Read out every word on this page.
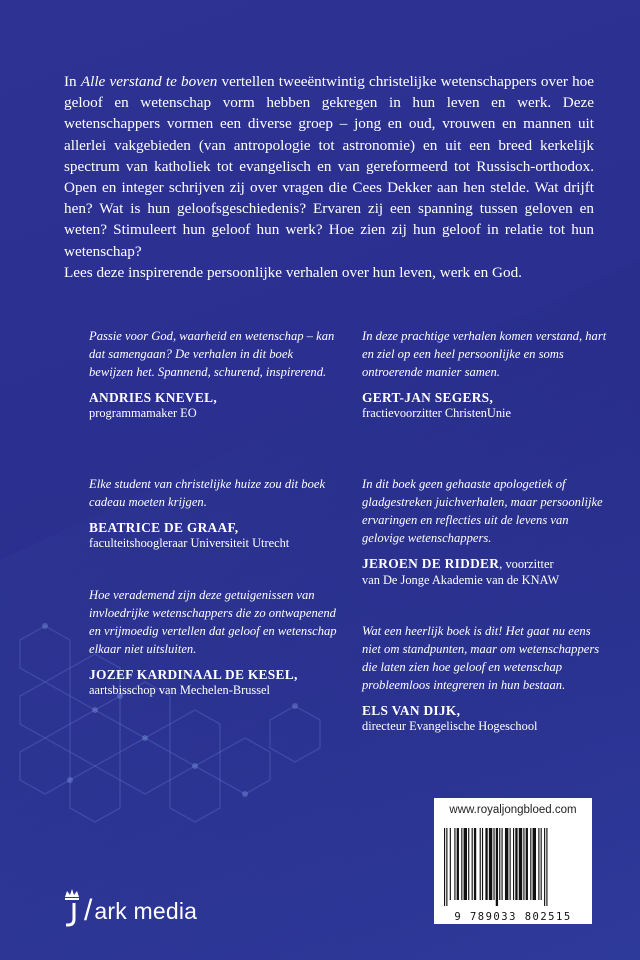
In Alle verstand te boven vertellen tweeëntwintig christelijke wetenschappers over hoe geloof en wetenschap vorm hebben gekregen in hun leven en werk. Deze wetenschappers vormen een diverse groep – jong en oud, vrouwen en mannen uit allerlei vakgebieden (van antropologie tot astronomie) en uit een breed kerkelijk spectrum van katholiek tot evangelisch en van gereformeerd tot Russisch-orthodox. Open en integer schrijven zij over vragen die Cees Dekker aan hen stelde. Wat drijft hen? Wat is hun geloofsgeschiedenis? Ervaren zij een spanning tussen geloven en weten? Stimuleert hun geloof hun werk? Hoe zien zij hun geloof in relatie tot hun wetenschap?

Lees deze inspirerende persoonlijke verhalen over hun leven, werk en God.

Passie voor God, waarheid en wetenschap – kan dat samengaan? De verhalen in dit boek bewijzen het. Spannend, schurend, inspirerend.

ANDRIES KNEVEL,

programmamaker EO

Elke student van christelijke huize zou dit boek cadeau moeten krijgen.

BEATRICE DE GRAAF,

faculteitshoogleraar Universiteit Utrecht

Hoe verademend zijn deze getuigenissen van invloedrijke wetenschappers die zo ontwapenend en vrijmoedig vertellen dat geloof en wetenschap elkaar niet uitsluiten.

JOZEF KARDINAAL DE KESEL,

aartsbisschop van Mechelen-Brussel

In deze prachtige verhalen komen verstand, hart en ziel op een heel persoonlijke en soms ontroerende manier samen.

GERT-JAN SEGERS,

fractievoorzitter ChristenUnie

In dit boek geen gehaaste apologetiek of gladgestreken juichverhalen, maar persoonlijke ervaringen en reflecties uit de levens van gelovige wetenschappers.

JEROEN DE RIDDER, voorzitter

van De Jonge Akademie van de KNAW

Wat een heerlijk boek is dit! Het gaat nu eens niet om standpunten, maar om wetenschappers die laten zien hoe geloof en wetenschap probleemloos integreren in hun bestaan.

ELS VAN DIJK,

directeur Evangelische Hogeschool

www.royaljongbloed.com
9 789033 802515
/ ark media
